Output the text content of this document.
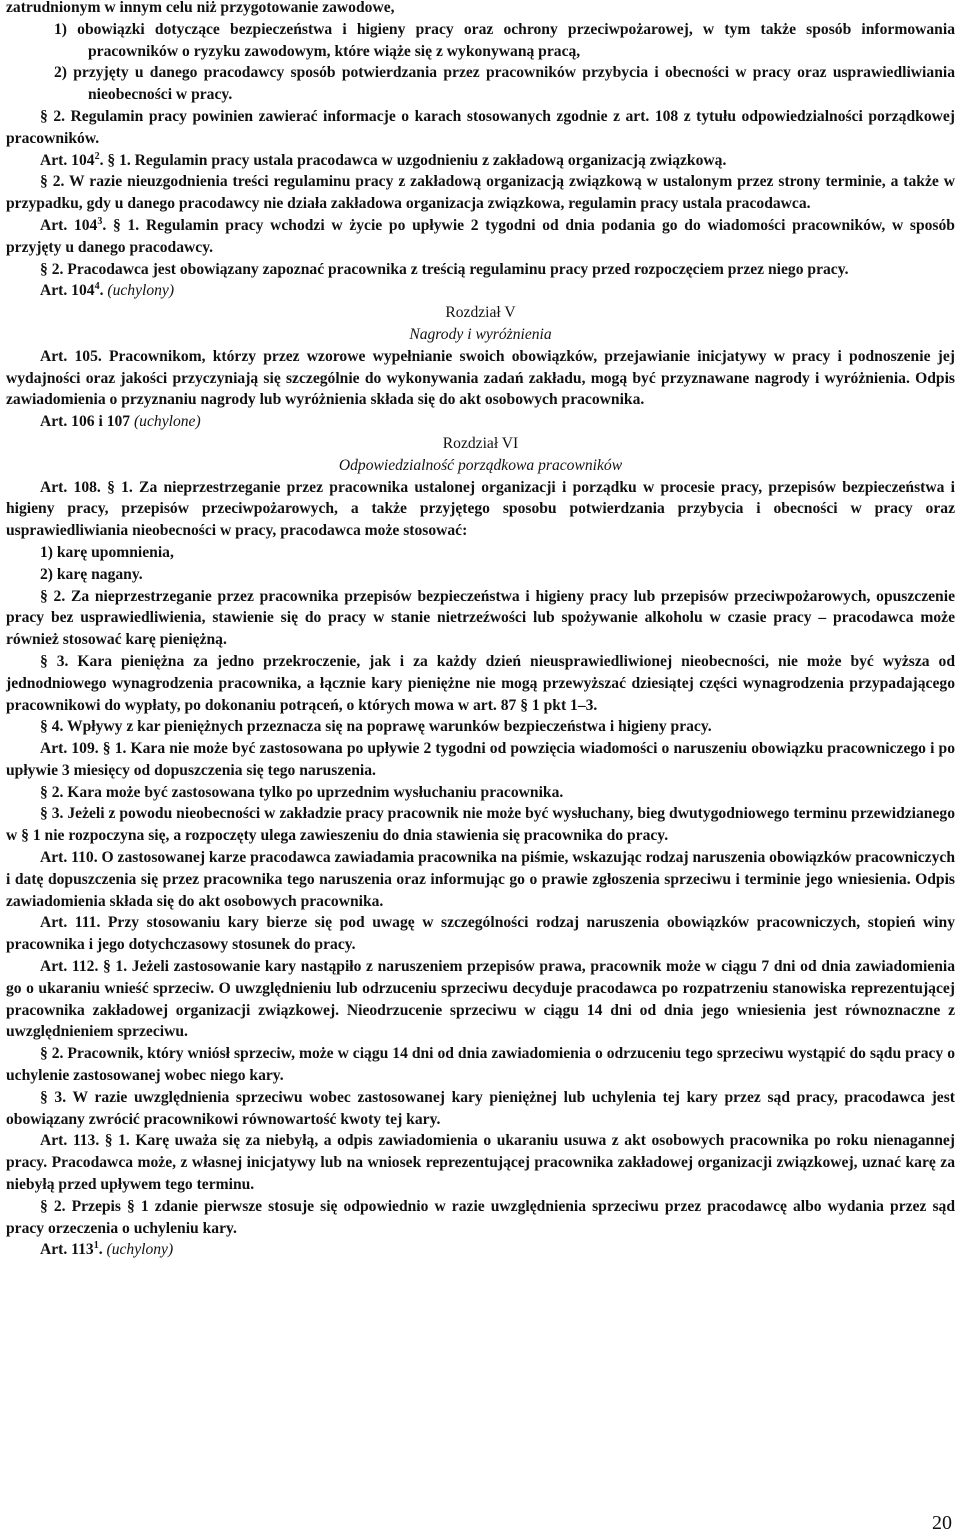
zatrudnionym w innym celu niż przygotowanie zawodowe,

1) obowiązki dotyczące bezpieczeństwa i higieny pracy oraz ochrony przeciwpożarowej, w tym także sposób informowania pracowników o ryzyku zawodowym, które wiąże się z wykonywaną pracą,

2) przyjęty u danego pracodawcy sposób potwierdzania przez pracowników przybycia i obecności w pracy oraz usprawiedliwiania nieobecności w pracy.

§ 2. Regulamin pracy powinien zawierać informacje o karach stosowanych zgodnie z art. 108 z tytułu odpowiedzialności porządkowej pracowników.

Art. $104^2$. § 1. Regulamin pracy ustala pracodawca w uzgodnieniu z zakładową organizacją związkową.

§ 2. W razie nieuzgodnienia treści regulaminu pracy z zakładową organizacją związkową w ustalonym przez strony terminie, a także w przypadku, gdy u danego pracodawcy nie działa zakładowa organizacja związkowa, regulamin pracy ustala pracodawca.

Art. $104^3$. § 1. Regulamin pracy wchodzi w życie po upływie 2 tygodni od dnia podania go do wiadomości pracowników, w sposób przyjęty u danego pracodawcy.

§ 2. Pracodawca jest obowiązany zapoznać pracownika z treścią regulaminu pracy przed rozpoczęciem przez niego pracy.

Art. $104^4$. (uchylony)

Rozdział V

Nagrody i wyróżnienia

Art. 105. Pracownikom, którzy przez wzorowe wypełnianie swoich obowiązków, przejawianie inicjatywy w pracy i podnoszenie jej wydajności oraz jakości przyczyniają się szczególnie do wykonywania zadań zakładu, mogą być przyznawane nagrody i wyróżnienia. Odpis zawiadomienia o przyznaniu nagrody lub wyróżnienia składa się do akt osobowych pracownika.

Art. 106 i 107 (uchylone)

Rozdział VI

Odpowiedzialność porządkowa pracowników

Art. 108. § 1. Za nieprzestrzeganie przez pracownika ustalonej organizacji i porządku w procesie pracy, przepisów bezpieczeństwa i higieny pracy, przepisów przeciwpożarowych, a także przyjętego sposobu potwierdzania przybycia i obecności w pracy oraz usprawiedliwiania nieobecności w pracy, pracodawca może stosować:

1) karę upomnienia,

2) karę nagany.

§ 2. Za nieprzestrzeganie przez pracownika przepisów bezpieczeństwa i higieny pracy lub przepisów przeciwpożarowych, opuszczenie pracy bez usprawiedliwienia, stawienie się do pracy w stanie nietrzeźwości lub spożywanie alkoholu w czasie pracy – pracodawca może również stosować karę pieniężną.

§ 3. Kara pieniężna za jedno przekroczenie, jak i za każdy dzień nieusprawiedliwionej nieobecności, nie może być wyższa od jednodniowego wynagrodzenia pracownika, a łącznie kary pieniężne nie mogą przewyższać dziesiątej części wynagrodzenia przypadającego pracownikowi do wypłaty, po dokonaniu potrąceń, o których mowa w art. 87 § 1 pkt 1–3.

§ 4. Wpływy z kar pieniężnych przeznacza się na poprawę warunków bezpieczeństwa i higieny pracy.

Art. 109. § 1. Kara nie może być zastosowana po upływie 2 tygodni od powzięcia wiadomości o naruszeniu obowiązku pracowniczego i po upływie 3 miesięcy od dopuszczenia się tego naruszenia.

§ 2. Kara może być zastosowana tylko po uprzednim wysłuchaniu pracownika.

§ 3. Jeżeli z powodu nieobecności w zakładzie pracy pracownik nie może być wysłuchany, bieg dwutygodniowego terminu przewidzianego w § 1 nie rozpoczyna się, a rozpoczęty ulega zawieszeniu do dnia stawienia się pracownika do pracy.

Art. 110. O zastosowanej karze pracodawca zawiadamia pracownika na piśmie, wskazując rodzaj naruszenia obowiązków pracowniczych i datę dopuszczenia się przez pracownika tego naruszenia oraz informując go o prawie zgłoszenia sprzeciwu i terminie jego wniesienia. Odpis zawiadomienia składa się do akt osobowych pracownika.

Art. 111. Przy stosowaniu kary bierze się pod uwagę w szczególności rodzaj naruszenia obowiązków pracowniczych, stopień winy pracownika i jego dotychczasowy stosunek do pracy.

Art. 112. § 1. Jeżeli zastosowanie kary nastąpiło z naruszeniem przepisów prawa, pracownik może w ciągu 7 dni od dnia zawiadomienia go o ukaraniu wnieść sprzeciw. O uwzględnieniu lub odrzuceniu sprzeciwu decyduje pracodawca po rozpatrzeniu stanowiska reprezentującej pracownika zakładowej organizacji związkowej. Nieodrzucenie sprzeciwu w ciągu 14 dni od dnia jego wniesienia jest równoznaczne z uwzględnieniem sprzeciwu.

§ 2. Pracownik, który wniósł sprzeciw, może w ciągu 14 dni od dnia zawiadomienia o odrzuceniu tego sprzeciwu wystąpić do sądu pracy o uchylenie zastosowanej wobec niego kary.

§ 3. W razie uwzględnienia sprzeciwu wobec zastosowanej kary pieniężnej lub uchylenia tej kary przez sąd pracy, pracodawca jest obowiązany zwrócić pracownikowi równowartość kwoty tej kary.

Art. 113. § 1. Karę uważa się za niebyłą, a odpis zawiadomienia o ukaraniu usuwa z akt osobowych pracownika po roku nienagannej pracy. Pracodawca może, z własnej inicjatywy lub na wniosek reprezentującej pracownika zakładowej organizacji związkowej, uznać karę za niebyłą przed upływem tego terminu.

§ 2. Przepis § 1 zdanie pierwsze stosuje się odpowiednio w razie uwzględnienia sprzeciwu przez pracodawcę albo wydania przez sąd pracy orzeczenia o uchyleniu kary.

Art. $113^1$. (uchylony)

20
